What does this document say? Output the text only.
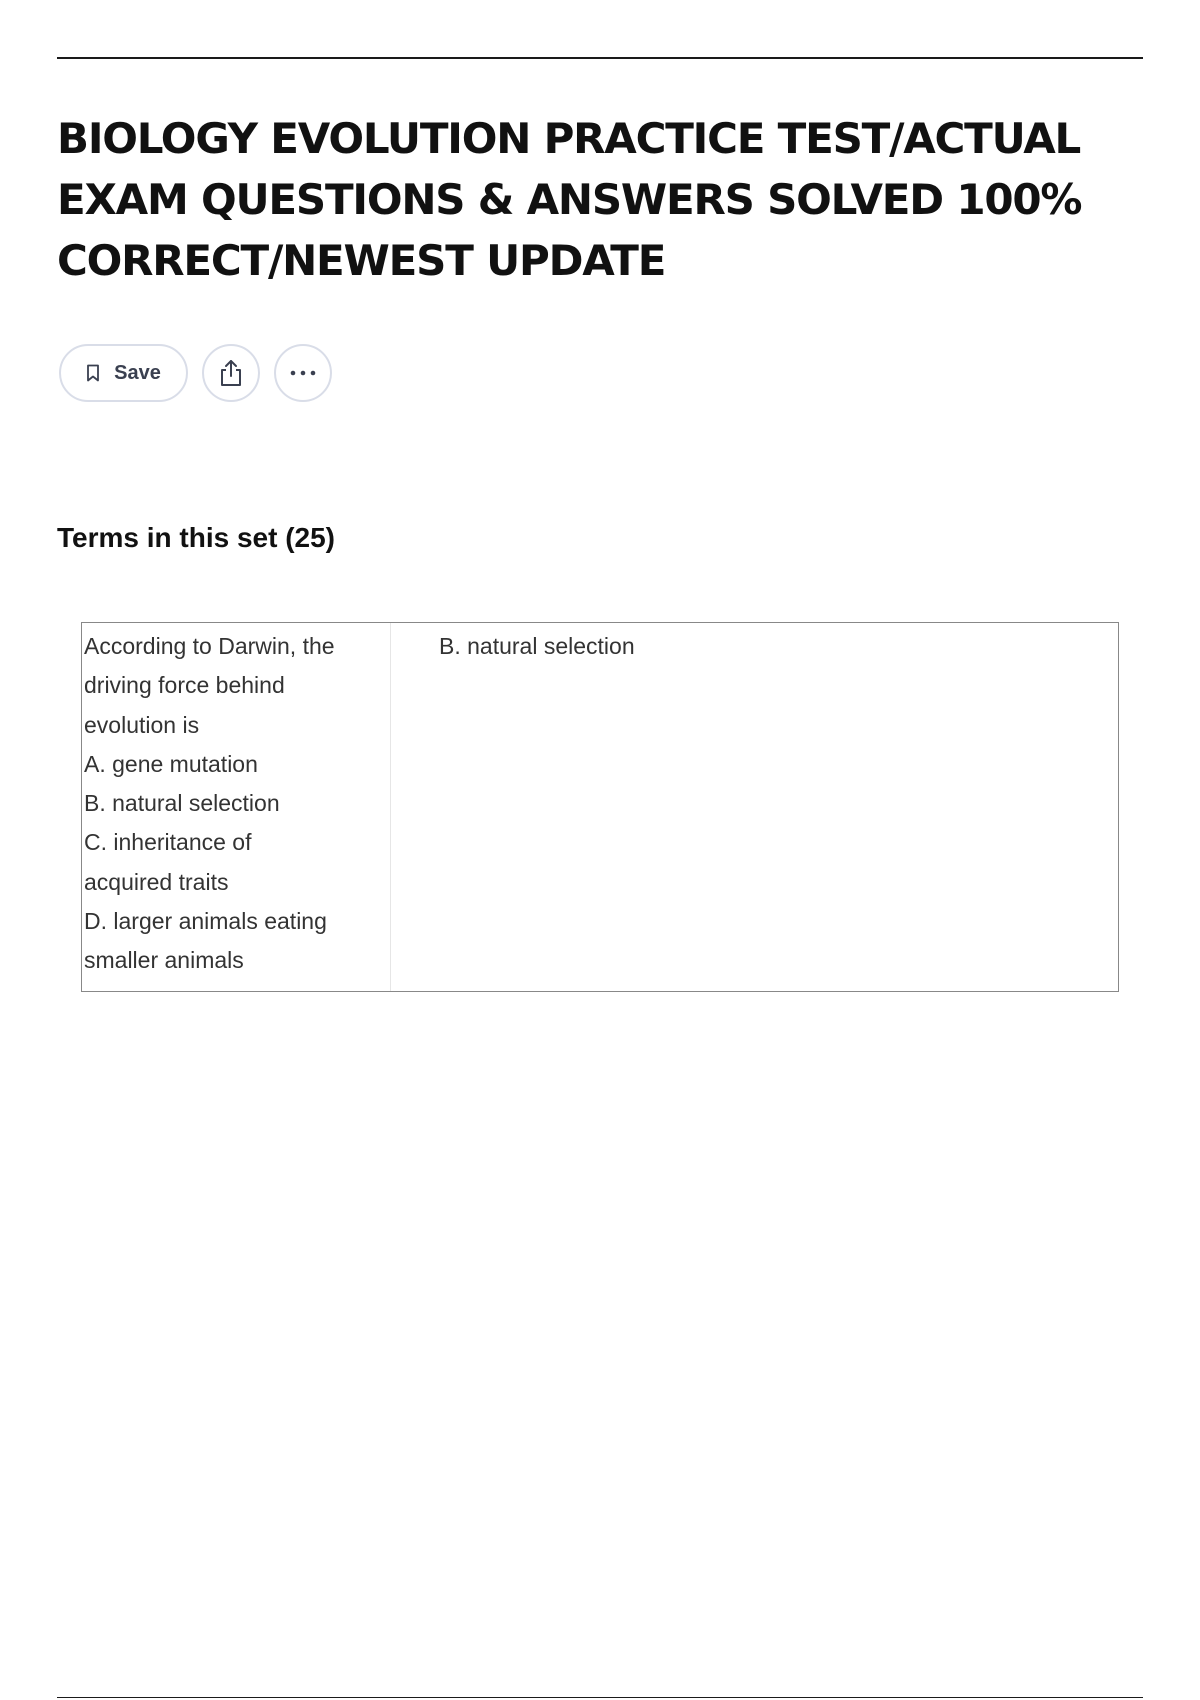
BIOLOGY EVOLUTION PRACTICE TEST/ACTUAL EXAM QUESTIONS & ANSWERS SOLVED 100% CORRECT/NEWEST UPDATE
Save
Terms in this set (25)
According to Darwin, the
driving force behind
evolution is
A. gene mutation
B. natural selection
C. inheritance of
acquired traits
D. larger animals eating
smaller animals
B. natural selection
